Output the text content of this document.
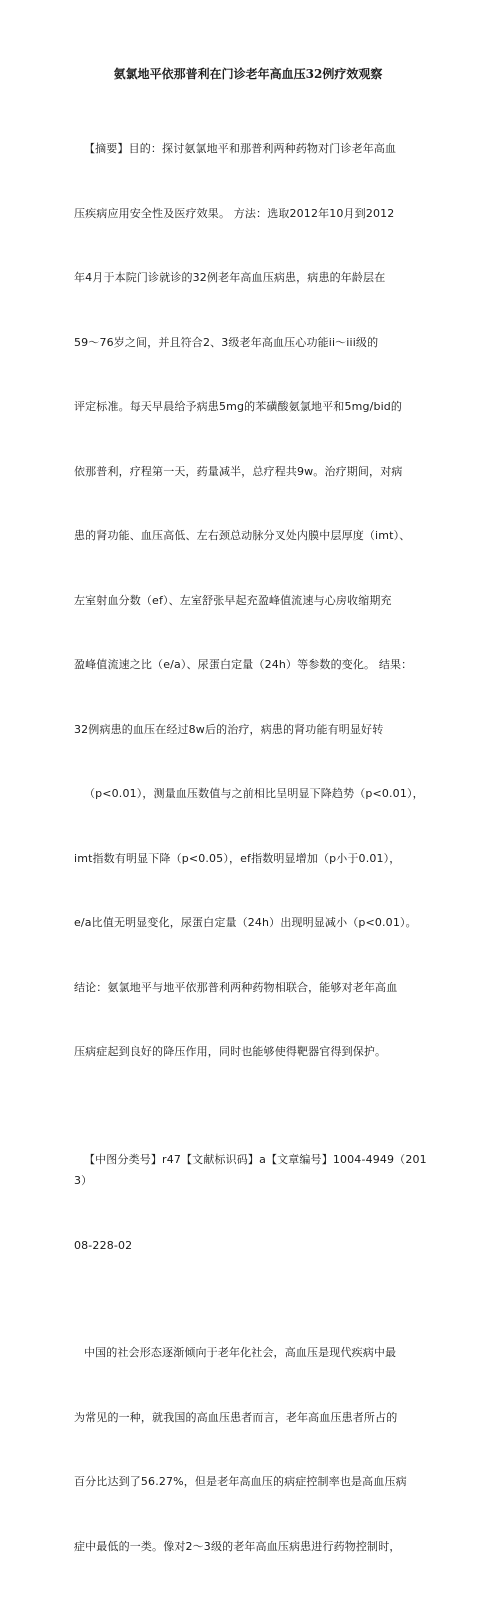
氨氯地平依那普利在门诊老年高血压32例疗效观察

【摘要】目的：探讨氨氯地平和那普利两种药物对门诊老年高血

压疾病应用安全性及医疗效果。 方法：选取2012年10月到2012

年4月于本院门诊就诊的32例老年高血压病患，病患的年龄层在

59～76岁之间，并且符合2、3级老年高血压心功能ii～iii级的

评定标准。每天早晨给予病患5mg的苯磺酸氨氯地平和5mg/bid的

依那普利，疗程第一天，药量减半，总疗程共9w。治疗期间，对病

患的肾功能、血压高低、左右颈总动脉分叉处内膜中层厚度（imt）、

左室射血分数（ef）、左室舒张早起充盈峰值流速与心房收缩期充

盈峰值流速之比（e/a）、尿蛋白定量（24h）等参数的变化。 结果：

32例病患的血压在经过8w后的治疗，病患的肾功能有明显好转

（p<0.01），测量血压数值与之前相比呈明显下降趋势（p<0.01），

imt指数有明显下降（p<0.05），ef指数明显增加（p小于0.01），

e/a比值无明显变化，尿蛋白定量（24h）出现明显减小（p<0.01）。

结论：氨氯地平与地平依那普利两种药物相联合，能够对老年高血

压病症起到良好的降压作用，同时也能够使得靶器官得到保护。

【中图分类号】r47【文献标识码】a【文章编号】1004-4949（2013）

08-228-02

中国的社会形态逐渐倾向于老年化社会，高血压是现代疾病中最

为常见的一种，就我国的高血压患者而言，老年高血压患者所占的

百分比达到了56.27%，但是老年高血压的病症控制率也是高血压病

症中最低的一类。像对2～3级的老年高血压病患进行药物控制时，
